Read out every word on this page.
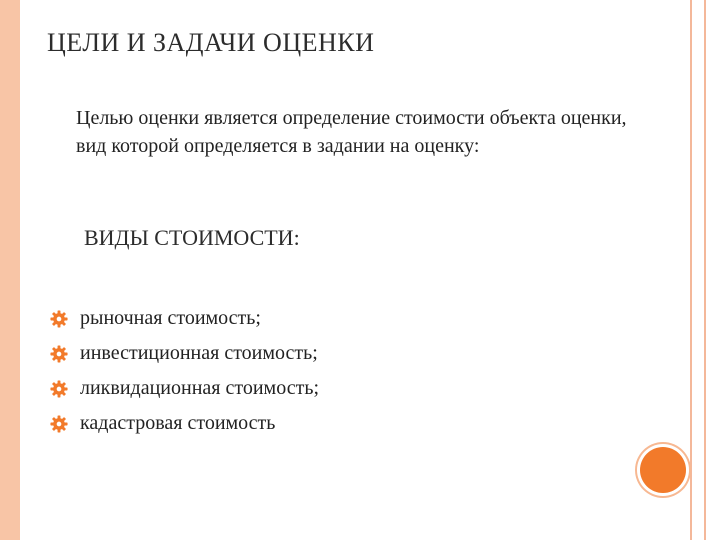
ЦЕЛИ И ЗАДАЧИ ОЦЕНКИ

Целью оценки является определение стоимости объекта оценки, вид которой определяется в задании на оценку:

ВИДЫ СТОИМОСТИ:
рыночная стоимость;
инвестиционная стоимость;
ликвидационная стоимость;
кадастровая стоимость
